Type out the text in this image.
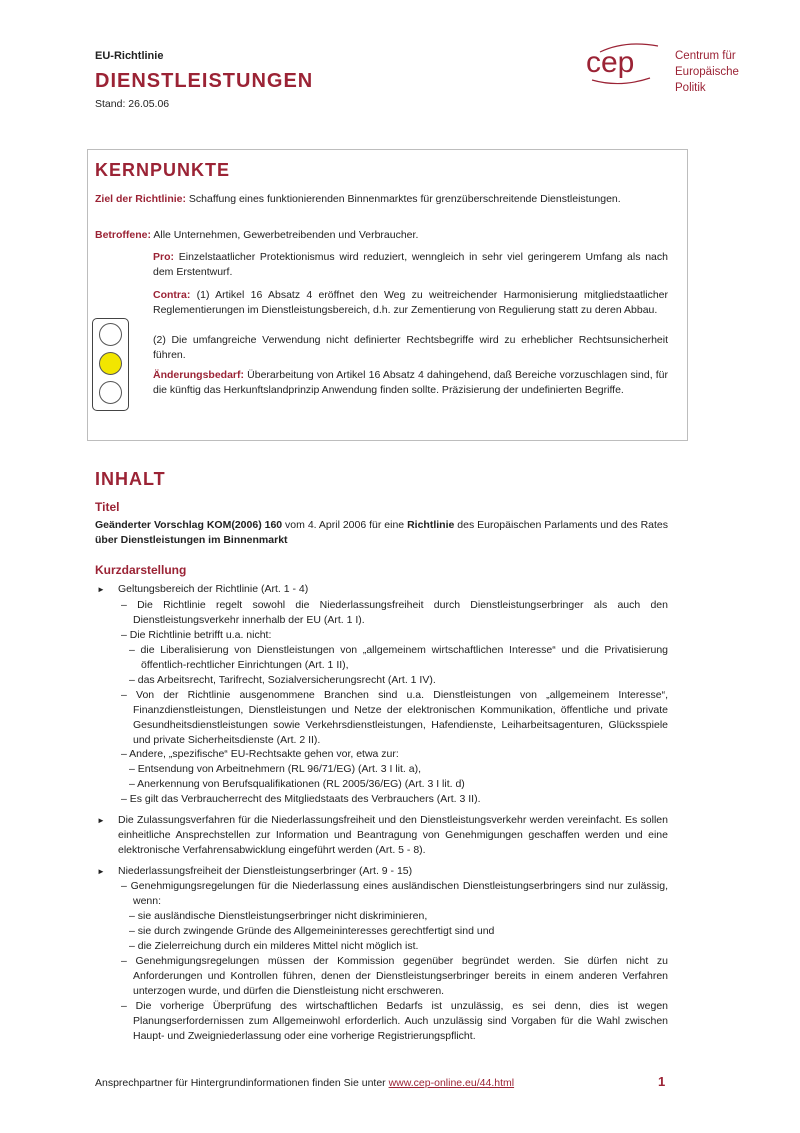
EU-Richtlinie
DIENSTLEISTUNGEN
Stand: 26.05.06
cep	Centrum für
Europäische
Politik
KERNPUNKTE
Ziel der Richtlinie: Schaffung eines funktionierenden Binnenmarktes für grenzüberschreitende Dienstleistungen.
Betroffene: Alle Unternehmen, Gewerbetreibenden und Verbraucher.
Pro: Einzelstaatlicher Protektionismus wird reduziert, wenngleich in sehr viel geringerem Umfang als nach dem Erstentwurf.
Contra: (1) Artikel 16 Absatz 4 eröffnet den Weg zu weitreichender Harmonisierung mitgliedstaatlicher Reglementierungen im Dienstleistungsbereich, d.h. zur Zementierung von Regulierung statt zu deren Abbau.
(2) Die umfangreiche Verwendung nicht definierter Rechtsbegriffe wird zu erheblicher Rechtsunsicherheit führen.
Änderungsbedarf: Überarbeitung von Artikel 16 Absatz 4 dahingehend, daß Bereiche vorzuschlagen sind, für die künftig das Herkunftslandprinzip Anwendung finden sollte. Präzisierung der undefinierten Begriffe.
INHALT
Titel
Geänderter Vorschlag KOM(2006) 160 vom 4. April 2006 für eine Richtlinie des Europäischen Parlaments und des Rates über Dienstleistungen im Binnenmarkt
Kurzdarstellung
► Geltungsbereich der Richtlinie (Art. 1 - 4)
– Die Richtlinie regelt sowohl die Niederlassungsfreiheit durch Dienstleistungserbringer als auch den Dienstleistungsverkehr innerhalb der EU (Art. 1 I).
– Die Richtlinie betrifft u.a. nicht:
– die Liberalisierung von Dienstleistungen von „allgemeinem wirtschaftlichen Interesse“ und die Privatisierung öffentlich-rechtlicher Einrichtungen (Art. 1 II),
– das Arbeitsrecht, Tarifrecht, Sozialversicherungsrecht (Art. 1 IV).
– Von der Richtlinie ausgenommene Branchen sind u.a. Dienstleistungen von „allgemeinem Interesse“, Finanzdienstleistungen, Dienstleistungen und Netze der elektronischen Kommunikation, öffentliche und private Gesundheitsdienstleistungen sowie Verkehrsdienstleistungen, Hafendienste, Leiharbeitsagenturen, Glücksspiele und private Sicherheitsdienste (Art. 2 II).
– Andere, „spezifische“ EU-Rechtsakte gehen vor, etwa zur:
– Entsendung von Arbeitnehmern (RL 96/71/EG) (Art. 3 I lit. a),
– Anerkennung von Berufsqualifikationen (RL 2005/36/EG) (Art. 3 I lit. d)
– Es gilt das Verbraucherrecht des Mitgliedstaats des Verbrauchers (Art. 3 II).
► Die Zulassungsverfahren für die Niederlassungsfreiheit und den Dienstleistungsverkehr werden vereinfacht. Es sollen einheitliche Ansprechstellen zur Information und Beantragung von Genehmigungen geschaffen werden und eine elektronische Verfahrensabwicklung eingeführt werden (Art. 5 - 8).
► Niederlassungsfreiheit der Dienstleistungserbringer (Art. 9 - 15)
– Genehmigungsregelungen für die Niederlassung eines ausländischen Dienstleistungserbringers sind nur zulässig, wenn:
– sie ausländische Dienstleistungserbringer nicht diskriminieren,
– sie durch zwingende Gründe des Allgemeininteresses gerechtfertigt sind und
– die Zielerreichung durch ein milderes Mittel nicht möglich ist.
– Genehmigungsregelungen müssen der Kommission gegenüber begründet werden. Sie dürfen nicht zu Anforderungen und Kontrollen führen, denen der Dienstleistungserbringer bereits in einem anderen Verfahren unterzogen wurde, und dürfen die Dienstleistung nicht erschweren.
– Die vorherige Überprüfung des wirtschaftlichen Bedarfs ist unzulässig, es sei denn, dies ist wegen Planungserfordernissen zum Allgemeinwohl erforderlich. Auch unzulässig sind Vorgaben für die Wahl zwischen Haupt- und Zweigniederlassung oder eine vorherige Registrierungspflicht.
Ansprechpartner für Hintergrundinformationen finden Sie unter www.cep-online.eu/44.html	1
